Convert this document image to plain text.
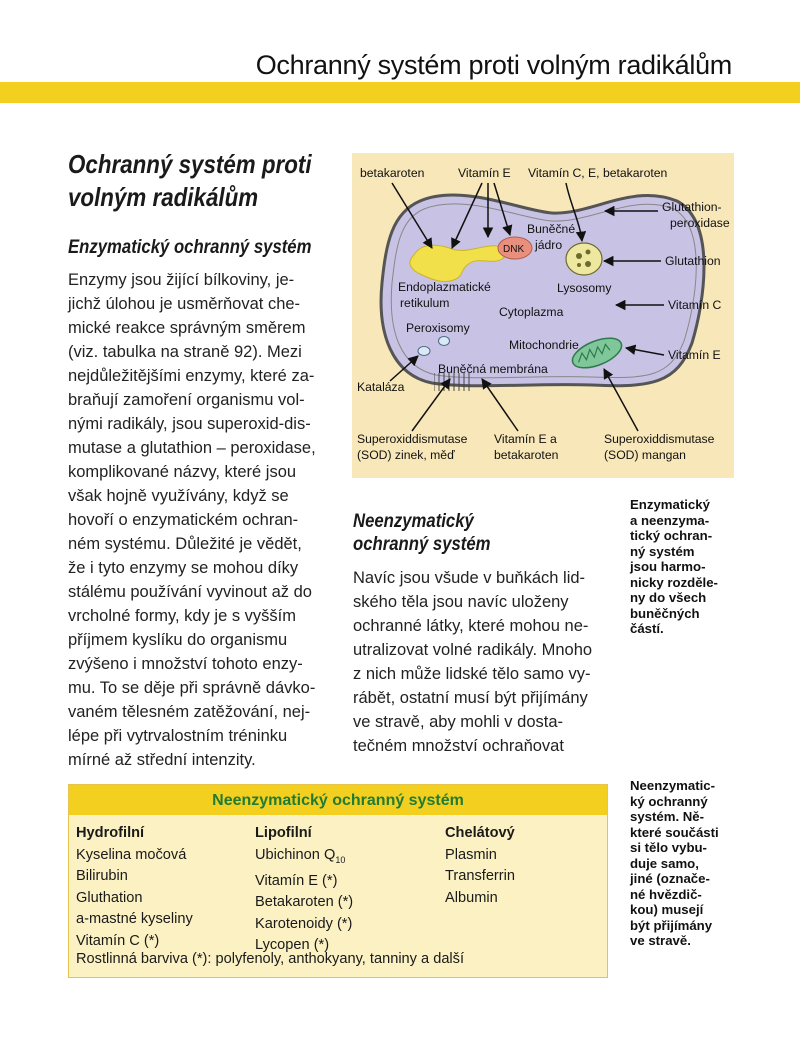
Ochranný systém proti volným radikálům
Ochranný systém proti
volným radikálům
Enzymatický ochranný systém
Enzymy jsou žijící bílkoviny, je-
jichž úlohou je usměrňovat che-
mické reakce správným směrem
(viz. tabulka na straně 92). Mezi
nejdůležitějšími enzymy, které za-
braňují zamoření organismu vol-
nými radikály, jsou superoxid-dis-
mutase a glutathion – peroxidase,
komplikované názvy, které jsou
však hojně využívány, když se
hovoří o enzymatickém ochran-
ném systému. Důležité je vědět,
že i tyto enzymy se mohou díky
stálému používání vyvinout až do
vrcholné formy, kdy je s vyšším
příjmem kyslíku do organismu
zvýšeno i množství tohoto enzy-
mu. To se děje při správně dávko-
vaném tělesném zatěžování, nej-
lépe při vytrvalostním tréninku
mírné až střední intenzity.
betakaroten	Vitamín E Vitamín C, E, betakaroten
Glutathion-
peroxidase
Glutathion
Vitamín C
Vitamín E
Buněčné
jádro
Endoplazmatické
retikulum
Lysosomy
Cytoplazma
Peroxisomy
Mitochondrie
Buněčná membrána
Kataláza
Superoxiddismutase
(SOD) zinek, měď
Vitamín E a
betakaroten
Superoxiddismutase
(SOD) mangan
DNK
Neenzymatický
ochranný systém
Navíc jsou všude v buňkách lid-
ského těla jsou navíc uloženy
ochranné látky, které mohou ne-
utralizovat volné radikály. Mnoho
z nich může lidské tělo samo vy-
rábět, ostatní musí být přijímány
ve stravě, aby mohli v dosta-
tečném množství ochraňovat
Enzymatický
a neenzyma-
tický ochran-
ný systém
jsou harmo-
nicky rozděle-
ny do všech
buněčných
částí.
Neenzymatic-
ký ochranný
systém. Ně-
které součásti
si tělo vybu-
duje samo,
jiné (označe-
né hvězdič-
kou) musejí
být přijímány
ve stravě.
Neenzymatický ochranný systém
Hydrofilní
Kyselina močová
Bilirubin
Gluthation
a-mastné kyseliny
Vitamín C (*)
Lipofilní
Ubichinon $Q_{10}$
Vitamín E (*)
Betakaroten (*)
Karotenoidy (*)
Lycopen (*)
Chelátový
Plasmin
Transferrin
Albumin
Rostlinná barviva (*): polyfenoly, anthokyany, tanniny a další
